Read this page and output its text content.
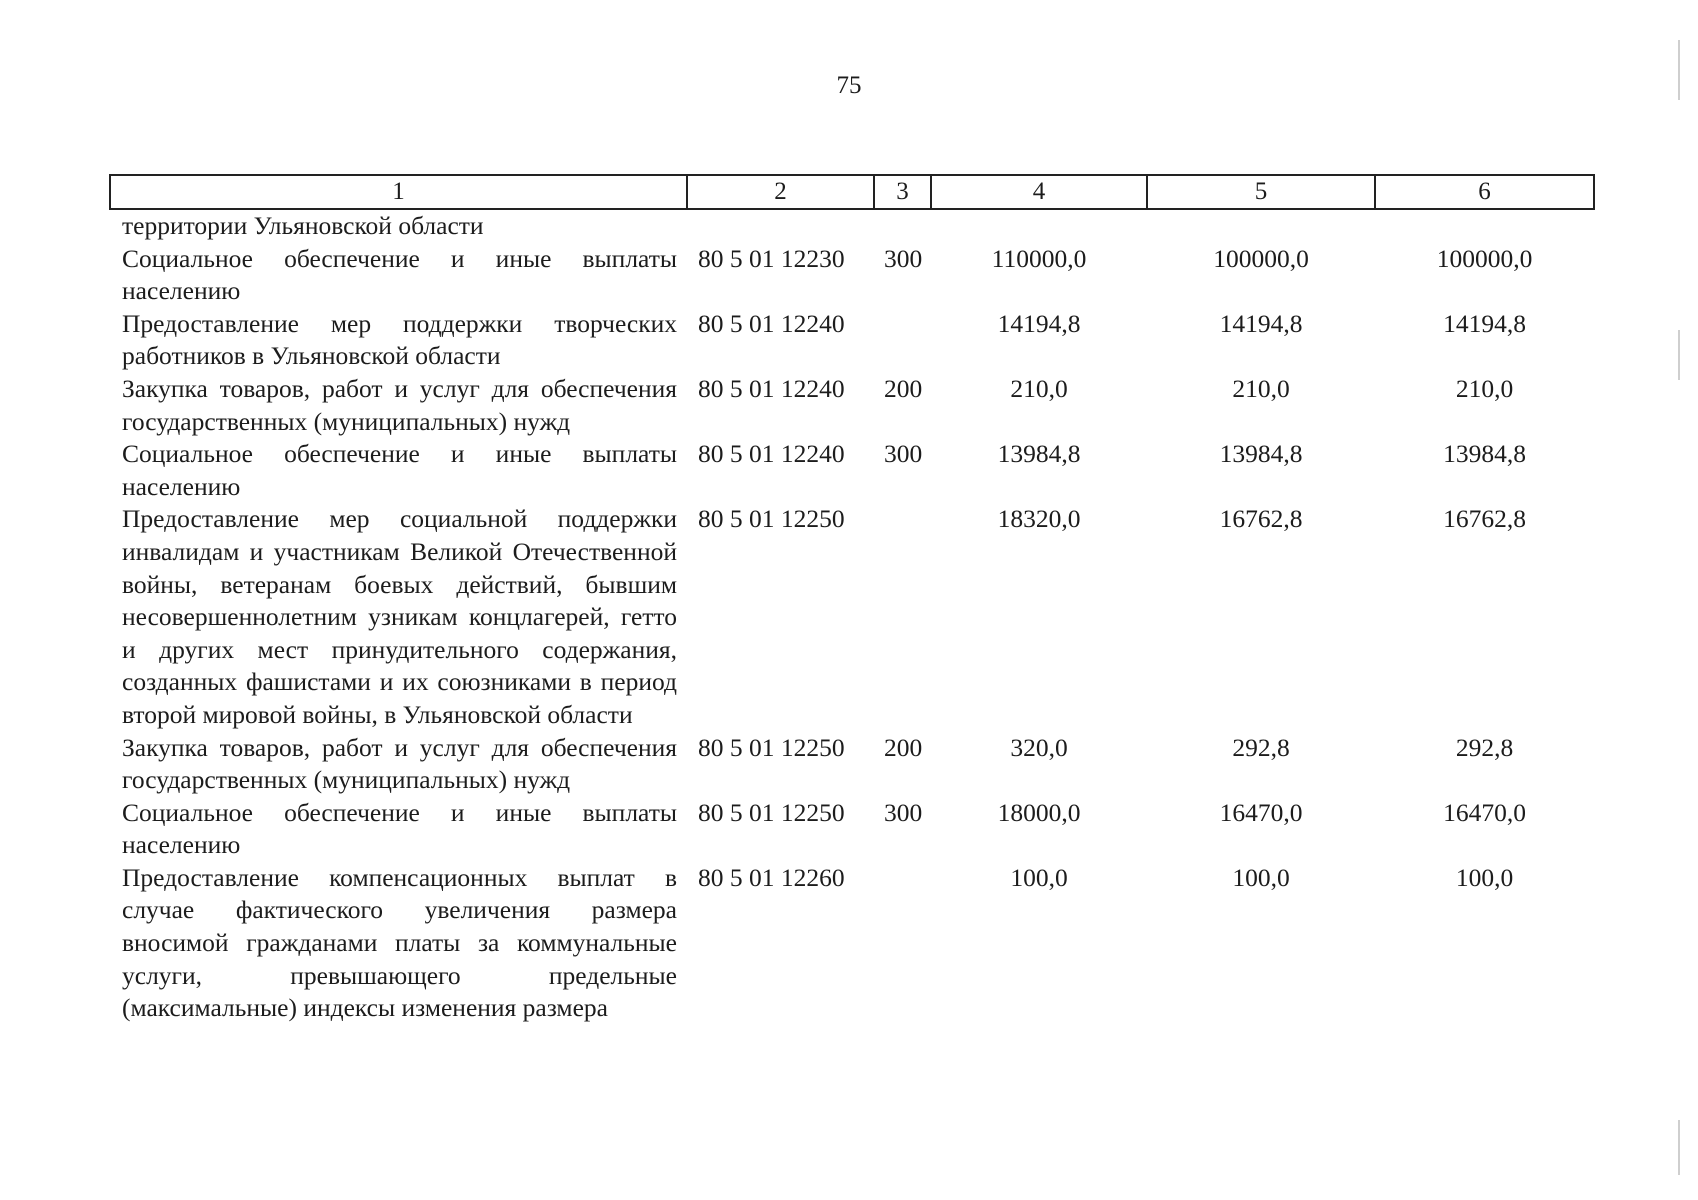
75
1	2	3	4	5	6
территории Ульяновской области					
Социальное обеспечение и иные выплаты населению	80 5 01 12230	300	110000,0	100000,0	100000,0
Предоставление мер поддержки творческих работников в Ульяновской области	80 5 01 12240		14194,8	14194,8	14194,8
Закупка товаров, работ и услуг для обеспечения государственных (муниципальных) нужд	80 5 01 12240	200	210,0	210,0	210,0
Социальное обеспечение и иные выплаты населению	80 5 01 12240	300	13984,8	13984,8	13984,8
Предоставление мер социальной поддержки инвалидам и участникам Великой Отечественной войны, ветеранам боевых действий, бывшим несовершеннолетним узникам концлагерей, гетто и других мест принудительного содержания, созданных фашистами и их союзниками в период второй мировой войны, в Ульяновской области	80 5 01 12250		18320,0	16762,8	16762,8
Закупка товаров, работ и услуг для обеспечения государственных (муниципальных) нужд	80 5 01 12250	200	320,0	292,8	292,8
Социальное обеспечение и иные выплаты населению	80 5 01 12250	300	18000,0	16470,0	16470,0
Предоставление компенсационных выплат в случае фактического увеличения размера вносимой гражданами платы за коммунальные услуги, превышающего предельные (максимальные) индексы изменения размера	80 5 01 12260		100,0	100,0	100,0
